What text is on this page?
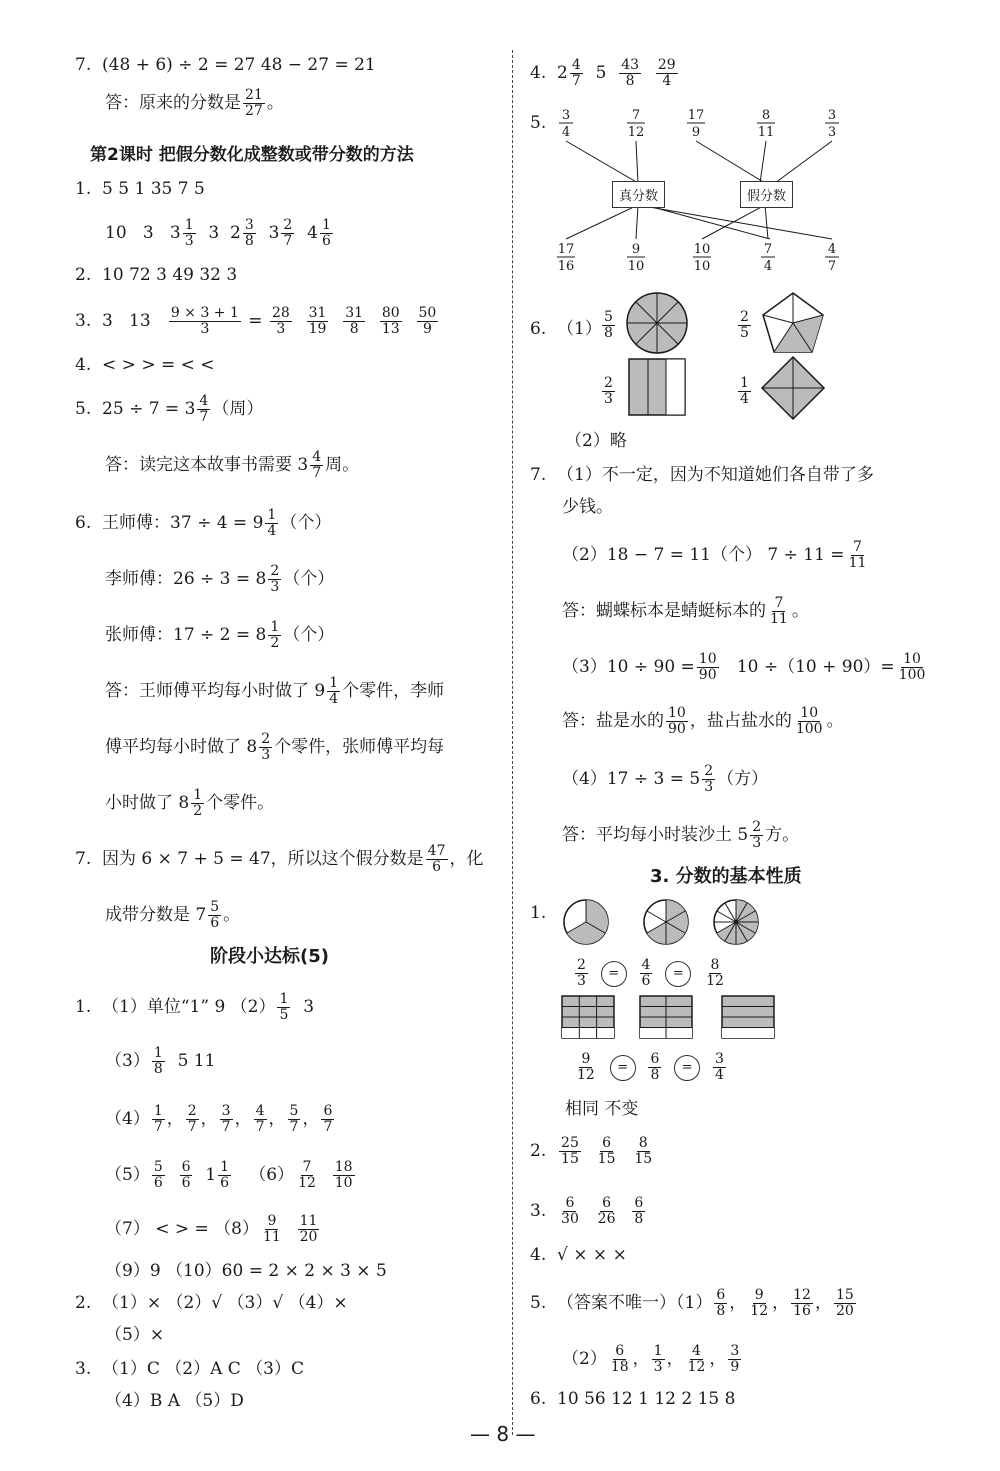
7.  (48 + 6) ÷ 2 = 27 48 − 27 = 21
答：原来的分数是 $\frac{21}{27}$ 。
第2课时 把假分数化成整数或带分数的方法
1.  5 5 1 35 7 5
10   3   $3 \frac{1}{3} 3$  $2 \frac{3}{8} 3 \frac{2}{7} 4 \frac{1}{6}$
2.  10 72 3 49 32 3
3.  3   $13 \frac{9 \times 3 + 1}{3} = \frac{28}{3}$
$\frac{31}{19}$
$\frac{31}{8}$
$\frac{80}{13}$
$\frac{50}{9}$
4.  < > > = < <
5.  $25 \div 7 = 3 \frac{4}{7}$ （周）
答：读完这本故事书需要 $3 \frac{4}{7}$ 周。
6.  王师傅：$37 \div 4 = 9 \frac{1}{4}$ （个）
李师傅：$26 \div 3 = 8 \frac{2}{3}$ （个）
张师傅：$17 \div 2 = 8 \frac{1}{2}$ （个）
答：王师傅平均每小时做了 $9 \frac{1}{4}$ 个零件，李师
傅平均每小时做了 $8 \frac{2}{3}$ 个零件，张师傅平均每
小时做了 $8 \frac{1}{2}$ 个零件。
7.  因为 6 × 7 + 5 = 47，所以这个假分数是 $\frac{47}{6}$ ，化
成带分数是 $7 \frac{5}{6}$ 。
阶段小达标(5)
1.  （1）单位“1” 9 $(2) \frac{1}{5} 3$
$(3) \frac{1}{8} 5$ 11
$(4) \frac{1}{7}$ ， $\frac{2}{7}$ ， $\frac{3}{7}$ ， $\frac{4}{7}$ ， $\frac{5}{7}$ ， $\frac{6}{7}$
$(5) \frac{5}{6}$
$\frac{6}{6} 1 \frac{1}{6} (6) \frac{7}{12}$
$\frac{18}{10}$
（7） < > = $(8) \frac{9}{11}$
$\frac{11}{20}$
（9）9 （10）60 = 2 × 2 × 3 × 5
2.  （1）× （2）√ （3）√ （4）×
（5）×
3.  （1）C （2）A C （3）C
（4）B A （5）D
4.  $2 \frac{4}{7} 5 \frac{43}{8}$
$\frac{29}{4}$
5. 3
4
7
12
17
9
8
11
3
3
17
16
9
10
10
10
7
4
4
7
真分数	假分数
6.  $(1) \frac{5}{8}$	$\frac{2}{5}$
$\frac{2}{3}$	$\frac{1}{4}$
（2）略
7.  （1）不一定，因为不知道她们各自带了多
少钱。
（2）18 − 7 = 11（个） $7 \div 11 = \frac{7}{11}$
答：蝴蝶标本是蜻蜓标本的 $\frac{7}{11}$ 。
$(3)10 \div 90 = \frac{10}{90} 10 \div(10 + 90)= \frac{10}{100}$
答：盐是水的 $\frac{10}{90}$ ，盐占盐水的 $\frac{10}{100}$ 。
$(4)17 \div 3 = 5 \frac{2}{3}$ （方）
答：平均每小时装沙土 $5 \frac{2}{3}$ 方。
3. 分数的基本性质
1.
$\frac{2}{3} = \frac{4}{6} = \frac{8}{12}$
$\frac{9}{12} = \frac{6}{8} = \frac{3}{4}$
相同 不变
2. $\frac{25}{15}$
$\frac{6}{15}$
$\frac{8}{15}$
3. $\frac{6}{30}$
$\frac{6}{26}$
$\frac{6}{8}$
4.  √ × × ×
5.  （答案不唯一）$(1) \frac{6}{8}$ ， $\frac{9}{12}$ ， $\frac{12}{16}$ ， $\frac{15}{20}$
$(2) \frac{6}{18}$ ， $\frac{1}{3}$ ， $\frac{4}{12}$ ， $\frac{3}{9}$
6.  10 56 12 1 12 2 15 8
— 8 —
